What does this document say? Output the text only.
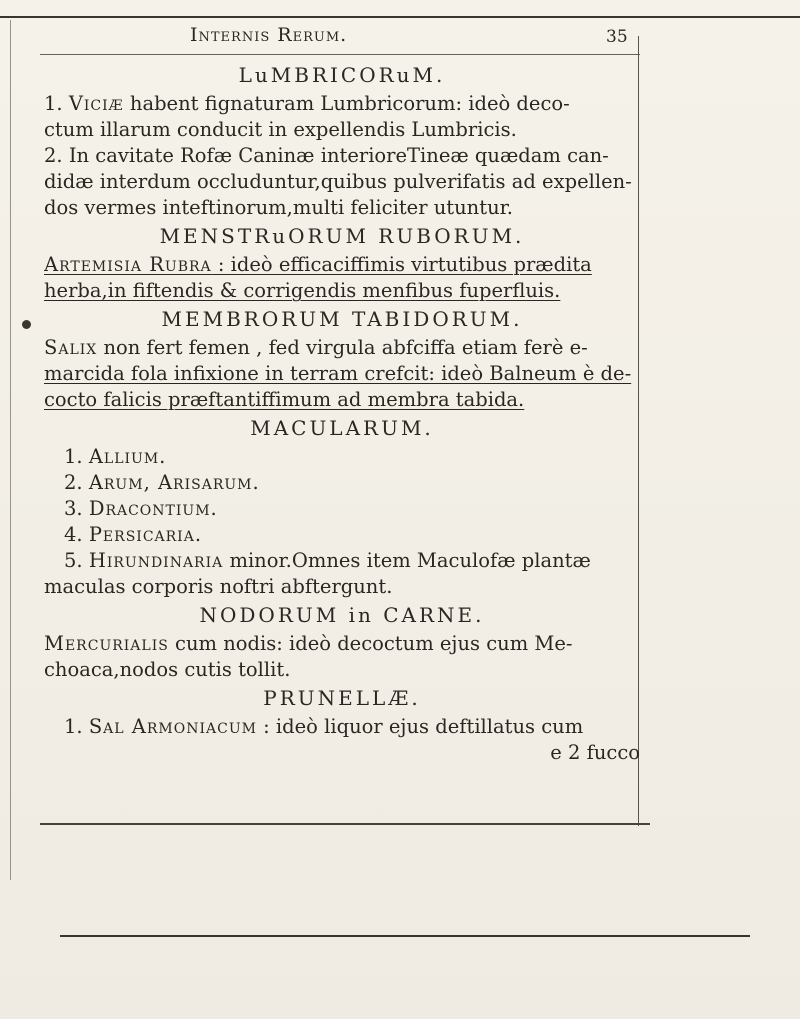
Internis Rerum.	35
LuMBRICORuM.
1. Viciæ habent fignaturam Lumbricorum: ideò deco-
ctum illarum conducit in expellendis Lumbricis.
2. In cavitate Rofæ Caninæ interioreTineæ quædam can-
didæ interdum occluduntur,quibus pulverifatis ad expellen-
dos vermes inteftinorum,multi feliciter utuntur.
MENSTRuORUM RUBORUM.
Artemisia Rubra : ideò efficaciffimis virtutibus prædita
herba,in fiftendis & corrigendis menfibus fuperfluis.
MEMBRORUM TABIDORUM.
Salix non fert femen , fed virgula abfciffa etiam ferè e-
marcida fola infixione in terram crefcit: ideò Balneum è de-
cocto falicis præftantiffimum ad membra tabida.
MACULARUM.
1. Allium.
2. Arum, Arisarum.
3. Dracontium.
4. Persicaria.
5. Hirundinaria minor.Omnes item Maculofæ plantæ
maculas corporis noftri abftergunt.
NODORUM in CARNE.
Mercurialis cum nodis: ideò decoctum ejus cum Me-
choaca,nodos cutis tollit.
PRUNELLÆ.
1. Sal Armoniacum : ideò liquor ejus deftillatus cum
e 2 fucco
